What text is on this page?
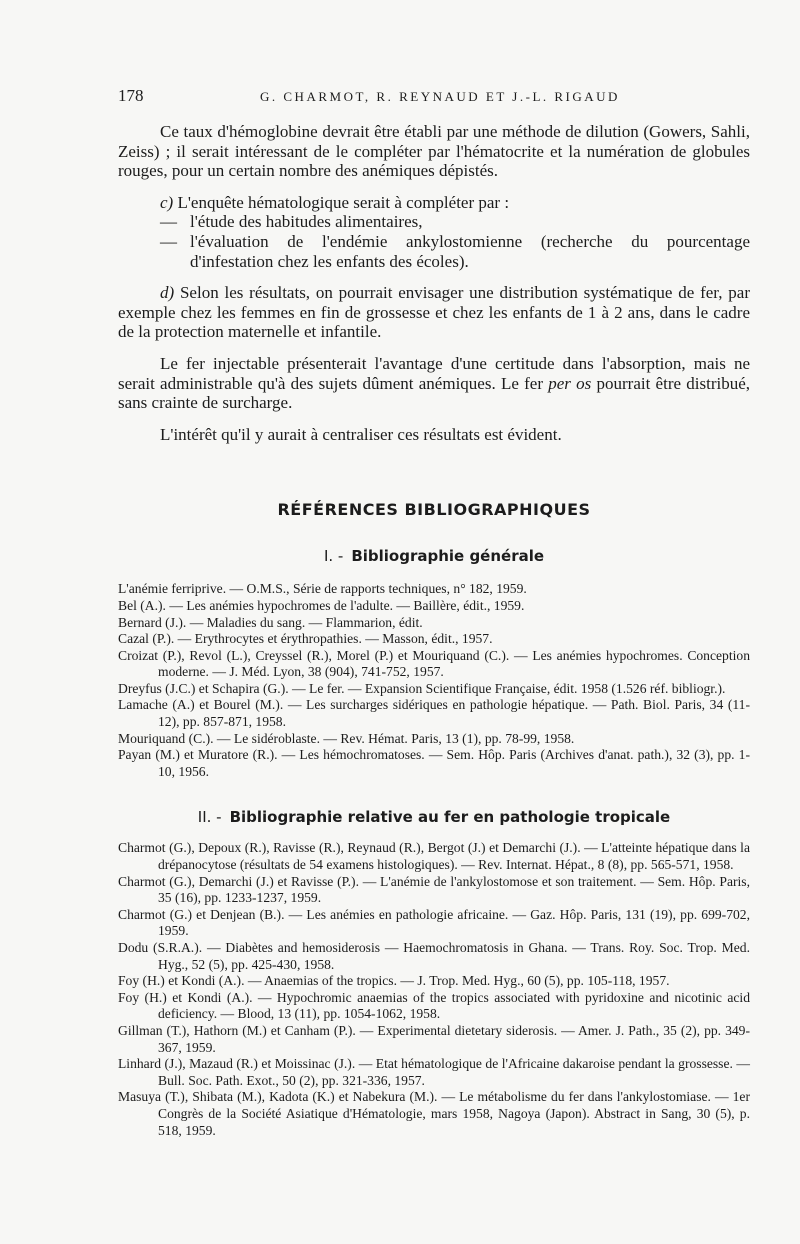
178	G. CHARMOT, R. REYNAUD ET J.-L. RIGAUD

Ce taux d'hémoglobine devrait être établi par une méthode de dilution (Gowers, Sahli, Zeiss) ; il serait intéressant de le compléter par l'hématocrite et la numération de globules rouges, pour un certain nombre des anémiques dépistés.

c) L'enquête hématologique serait à compléter par :

— l'étude des habitudes alimentaires,
— l'évaluation de l'endémie ankylostomienne (recherche du pourcentage d'infestation chez les enfants des écoles).

d) Selon les résultats, on pourrait envisager une distribution systématique de fer, par exemple chez les femmes en fin de grossesse et chez les enfants de 1 à 2 ans, dans le cadre de la protection maternelle et infantile.

Le fer injectable présenterait l'avantage d'une certitude dans l'absorption, mais ne serait administrable qu'à des sujets dûment anémiques. Le fer per os pourrait être distribué, sans crainte de surcharge.

L'intérêt qu'il y aurait à centraliser ces résultats est évident.

RÉFÉRENCES BIBLIOGRAPHIQUES
I. - Bibliographie générale

L'anémie ferriprive. — O.M.S., Série de rapports techniques, n° 182, 1959.

Bel (A.). — Les anémies hypochromes de l'adulte. — Baillère, édit., 1959.

Bernard (J.). — Maladies du sang. — Flammarion, édit.

Cazal (P.). — Erythrocytes et érythropathies. — Masson, édit., 1957.

Croizat (P.), Revol (L.), Creyssel (R.), Morel (P.) et Mouriquand (C.). — Les anémies hypochromes. Conception moderne. — J. Méd. Lyon, 38 (904), 741-752, 1957.

Dreyfus (J.C.) et Schapira (G.). — Le fer. — Expansion Scientifique Française, édit. 1958 (1.526 réf. bibliogr.).

Lamache (A.) et Bourel (M.). — Les surcharges sidériques en pathologie hépatique. — Path. Biol. Paris, 34 (11-12), pp. 857-871, 1958.

Mouriquand (C.). — Le sidéroblaste. — Rev. Hémat. Paris, 13 (1), pp. 78-99, 1958.

Payan (M.) et Muratore (R.). — Les hémochromatoses. — Sem. Hôp. Paris (Archives d'anat. path.), 32 (3), pp. 1-10, 1956.

II. - Bibliographie relative au fer en pathologie tropicale

Charmot (G.), Depoux (R.), Ravisse (R.), Reynaud (R.), Bergot (J.) et Demarchi (J.). — L'atteinte hépatique dans la drépanocytose (résultats de 54 examens histologiques). — Rev. Internat. Hépat., 8 (8), pp. 565-571, 1958.

Charmot (G.), Demarchi (J.) et Ravisse (P.). — L'anémie de l'ankylostomose et son traitement. — Sem. Hôp. Paris, 35 (16), pp. 1233-1237, 1959.

Charmot (G.) et Denjean (B.). — Les anémies en pathologie africaine. — Gaz. Hôp. Paris, 131 (19), pp. 699-702, 1959.

Dodu (S.R.A.). — Diabètes and hemosiderosis — Haemochromatosis in Ghana. — Trans. Roy. Soc. Trop. Med. Hyg., 52 (5), pp. 425-430, 1958.

Foy (H.) et Kondi (A.). — Anaemias of the tropics. — J. Trop. Med. Hyg., 60 (5), pp. 105-118, 1957.

Foy (H.) et Kondi (A.). — Hypochromic anaemias of the tropics associated with pyridoxine and nicotinic acid deficiency. — Blood, 13 (11), pp. 1054-1062, 1958.

Gillman (T.), Hathorn (M.) et Canham (P.). — Experimental dietetary siderosis. — Amer. J. Path., 35 (2), pp. 349-367, 1959.

Linhard (J.), Mazaud (R.) et Moissinac (J.). — Etat hématologique de l'Africaine dakaroise pendant la grossesse. — Bull. Soc. Path. Exot., 50 (2), pp. 321-336, 1957.

Masuya (T.), Shibata (M.), Kadota (K.) et Nabekura (M.). — Le métabolisme du fer dans l'ankylostomiase. — 1er Congrès de la Société Asiatique d'Hématologie, mars 1958, Nagoya (Japon). Abstract in Sang, 30 (5), p. 518, 1959.
